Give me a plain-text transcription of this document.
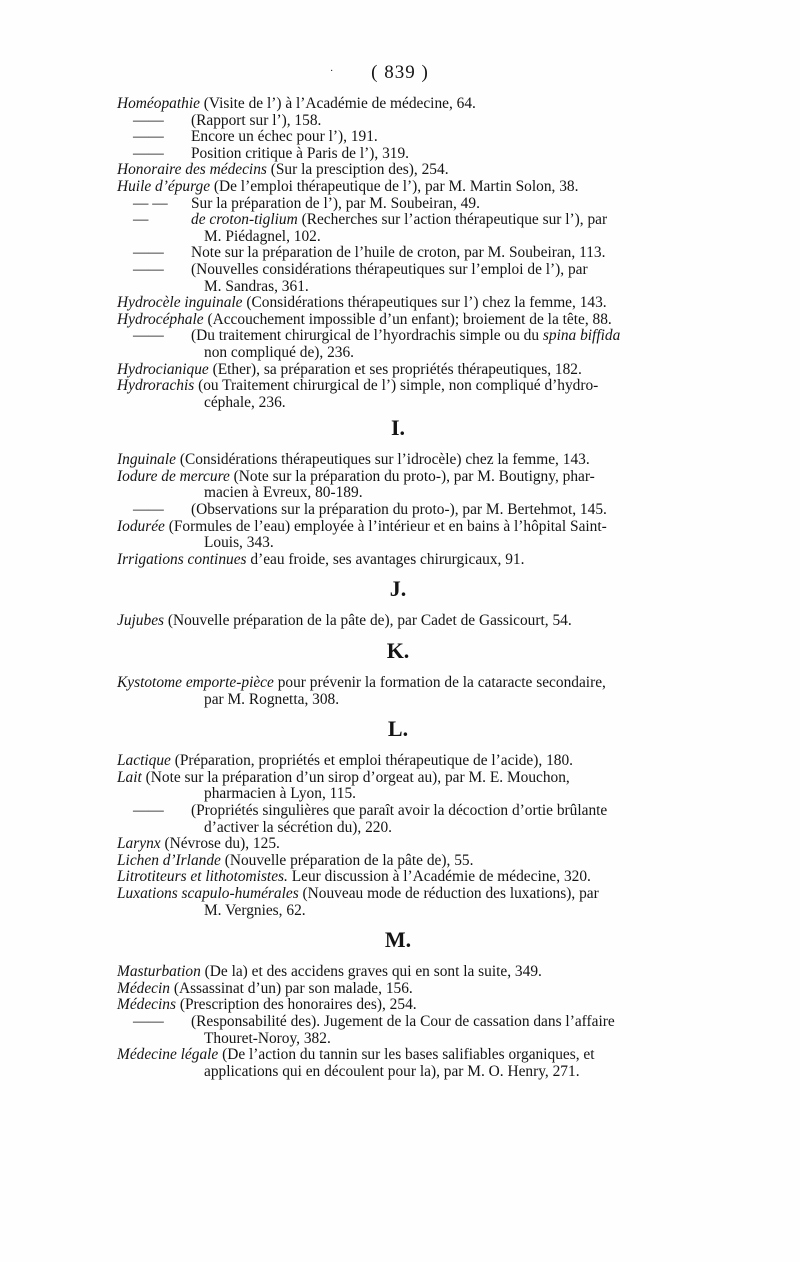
· ( 839 )
Homéopathie (Visite de l’) à l’Académie de médecine, 64.
—— (Rapport sur l’), 158.
—— Encore un échec pour l’), 191.
—— Position critique à Paris de l’), 319.
Honoraire des médecins (Sur la presciption des), 254.
Huile d’épurge (De l’emploi thérapeutique de l’), par M. Martin Solon, 38.
— — Sur la préparation de l’), par M. Soubeiran, 49.
—	de croton-tiglium (Recherches sur l’action thérapeutique sur l’), par
M. Piédagnel, 102.
—— Note sur la préparation de l’huile de croton, par M. Soubeiran, 113.
—— (Nouvelles considérations thérapeutiques sur l’emploi de l’), par
M. Sandras, 361.
Hydrocèle inguinale (Considérations thérapeutiques sur l’) chez la femme, 143.
Hydrocéphale (Accouchement impossible d’un enfant); broiement de la tête, 88.
—— (Du traitement chirurgical de l’hyordrachis simple ou du spina biffida
non compliqué de), 236.
Hydrocianique (Ether), sa préparation et ses propriétés thérapeutiques, 182.
Hydrorachis (ou Traitement chirurgical de l’) simple, non compliqué d’hydro-
céphale, 236.
I.
Inguinale (Considérations thérapeutiques sur l’idrocèle) chez la femme, 143.
Iodure de mercure (Note sur la préparation du proto-), par M. Boutigny, phar-
macien à Evreux, 80-189.
—— (Observations sur la préparation du proto-), par M. Bertehmot, 145.
Iodurée (Formules de l’eau) employée à l’intérieur et en bains à l’hôpital Saint-
Louis, 343.
Irrigations continues d’eau froide, ses avantages chirurgicaux, 91.
J.
Jujubes (Nouvelle préparation de la pâte de), par Cadet de Gassicourt, 54.
K.
Kystotome emporte-pièce pour prévenir la formation de la cataracte secondaire,
par M. Rognetta, 308.
L.
Lactique (Préparation, propriétés et emploi thérapeutique de l’acide), 180.
Lait (Note sur la préparation d’un sirop d’orgeat au), par M. E. Mouchon,
pharmacien à Lyon, 115.
—— (Propriétés singulières que paraît avoir la décoction d’ortie brûlante
d’activer la sécrétion du), 220.
Larynx (Névrose du), 125.
Lichen d’Irlande (Nouvelle préparation de la pâte de), 55.
Litrotiteurs et lithotomistes. Leur discussion à l’Académie de médecine, 320.
Luxations scapulo-humérales (Nouveau mode de réduction des luxations), par
M. Vergnies, 62.
M.
Masturbation (De la) et des accidens graves qui en sont la suite, 349.
Médecin (Assassinat d’un) par son malade, 156.
Médecins (Prescription des honoraires des), 254.
—— (Responsabilité des). Jugement de la Cour de cassation dans l’affaire
Thouret-Noroy, 382.
Médecine légale (De l’action du tannin sur les bases salifiables organiques, et
applications qui en découlent pour la), par M. O. Henry, 271.
